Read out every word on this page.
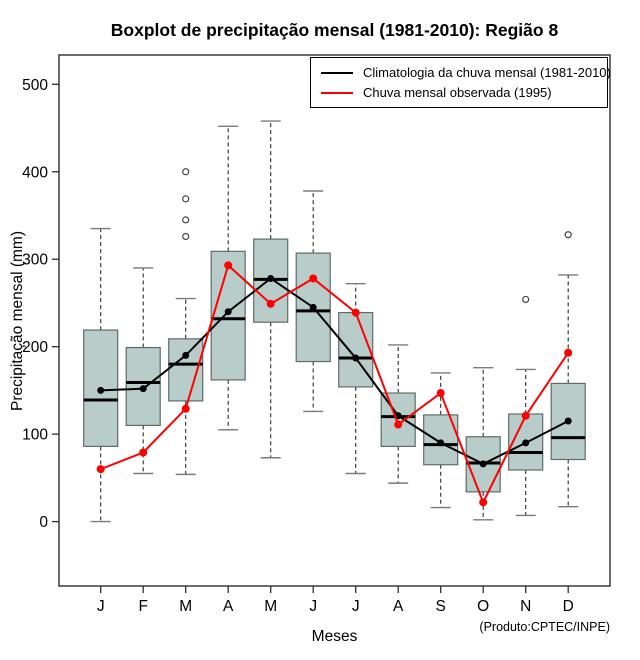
0
100
200
300
400
500
J F M A M J J A S O N D
Boxplot de precipitação mensal (1981-2010): Região 8
Precipitação mensal (mm)
Meses
(Produto:CPTEC/INPE)
Climatologia da chuva mensal (1981-2010)
Chuva mensal observada (1995)
